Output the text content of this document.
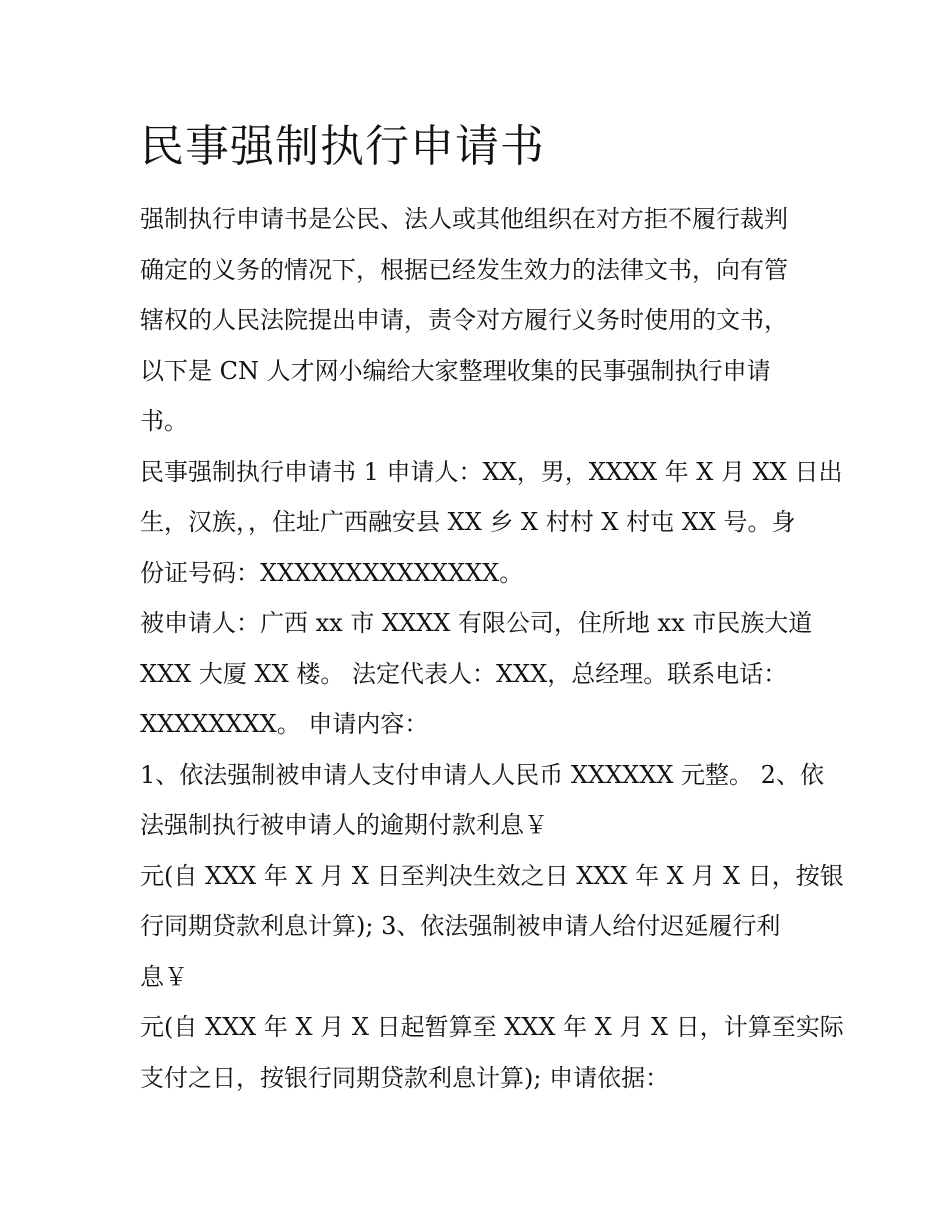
民事强制执行申请书
强制执行申请书是公民、法人或其他组织在对方拒不履行裁判
确定的义务的情况下，根据已经发生效力的法律文书，向有管
辖权的人民法院提出申请，责令对方履行义务时使用的文书，
以下是 CN 人才网小编给大家整理收集的民事强制执行申请
书。
民事强制执行申请书 1 申请人：XX，男，XXXX 年 X 月 XX 日出
生，汉族，，住址广西融安县 XX 乡 X 村村 X 村屯 XX 号。身
份证号码：XXXXXXXXXXXXXX。
被申请人：广西 xx 市 XXXX 有限公司，住所地 xx 市民族大道
XXX 大厦 XX 楼。 法定代表人：XXX，总经理。联系电话：
XXXXXXXX。 申请内容：
1、依法强制被申请人支付申请人人民币 XXXXXX 元整。 2、依
法强制执行被申请人的逾期付款利息￥
元(自 XXX 年 X 月 X 日至判决生效之日 XXX 年 X 月 X 日，按银
行同期贷款利息计算); 3、依法强制被申请人给付迟延履行利
息￥
元(自 XXX 年 X 月 X 日起暂算至 XXX 年 X 月 X 日，计算至实际
支付之日，按银行同期贷款利息计算); 申请依据：
